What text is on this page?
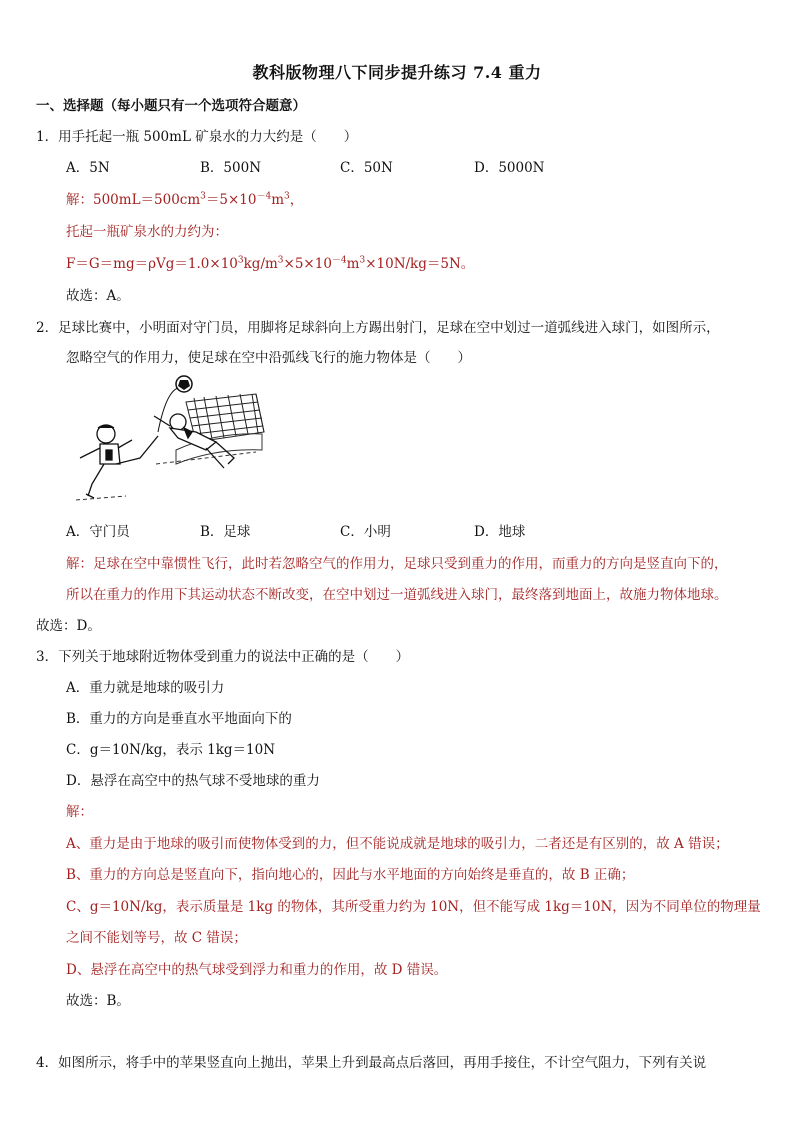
教科版物理八下同步提升练习 7.4 重力
一、选择题（每小题只有一个选项符合题意）
1．用手托起一瓶 500mL 矿泉水的力大约是（　　）
A．5N	B．500N	C．50N	D．5000N
解：$500mL=500cm^3=5\times 10^{-4}m^3$，
托起一瓶矿泉水的力约为：
$F=G=mg=\rho Vg=1.0\times 10^3kg/m^3\times 5\times 10^{-4}m^3\times 10N/kg=5N$。
故选：A。
2．足球比赛中，小明面对守门员，用脚将足球斜向上方踢出射门，足球在空中划过一道弧线进入球门，如图所示，
忽略空气的作用力，使足球在空中沿弧线飞行的施力物体是（　　）
A．守门员	B．足球	C．小明	D．地球
解：足球在空中靠惯性飞行，此时若忽略空气的作用力，足球只受到重力的作用，而重力的方向是竖直向下的，
所以在重力的作用下其运动状态不断改变，在空中划过一道弧线进入球门，最终落到地面上，故施力物体地球。
故选：D。
3．下列关于地球附近物体受到重力的说法中正确的是（　　）
A．重力就是地球的吸引力
B．重力的方向是垂直水平地面向下的
C．g＝10N/kg，表示 1kg＝10N
D．悬浮在高空中的热气球不受地球的重力
解：
A、重力是由于地球的吸引而使物体受到的力，但不能说成就是地球的吸引力，二者还是有区别的，故 A 错误；
B、重力的方向总是竖直向下，指向地心的，因此与水平地面的方向始终是垂直的，故 B 正确；
C、g＝10N/kg，表示质量是 1kg 的物体，其所受重力约为 10N，但不能写成 1kg＝10N，因为不同单位的物理量
之间不能划等号，故 C 错误；
D、悬浮在高空中的热气球受到浮力和重力的作用，故 D 错误。
故选：B。
4．如图所示，将手中的苹果竖直向上抛出，苹果上升到最高点后落回，再用手接住，不计空气阻力，下列有关说
